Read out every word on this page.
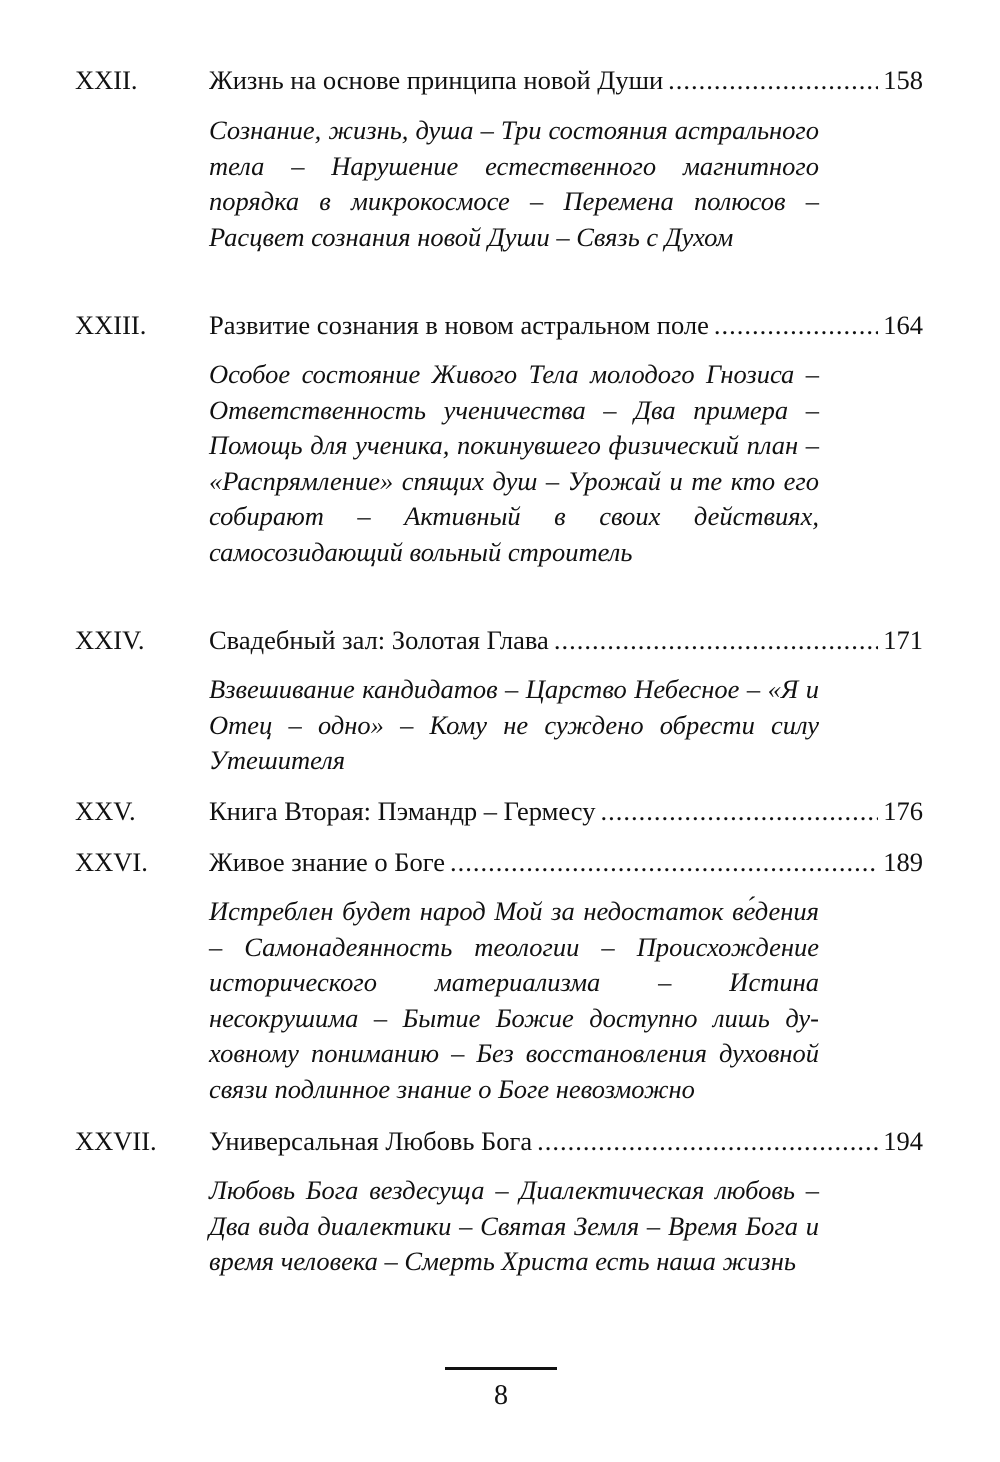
XXII.	Жизнь на основе принципа новой Души .....	158

Сознание, жизнь, душа – Три состояния астрального тела – Нарушение естественного магнитного порядка в микрокосмосе – Перемена полюсов – Расцвет сознания новой Души – Связь с Духом

XXIII. Развитие сознания в новом астральном поле .....	164

Особое состояние Живого Тела молодого Гнозиса – Ответственность ученичества – Два примера – Помощь для ученика, покинувшего физический план – «Распрямление» спящих душ – Урожай и те кто его собирают – Активный в своих действиях, самосозидающий вольный строитель

XXIV. Свадебный зал: Золотая Глава .....	171

Взвешивание кандидатов – Царство Небесное – «Я и Отец – одно» – Кому не суждено обрести силу Утешителя

XXV.	Книга Вторая: Пэмандр – Гермесу .....	176
XXVI. Живое знание о Боге .....	189

Истреблен будет народ Мой за недостаток ве́дения – Самонадеянность теологии – Происхождение исторического материализма – Истина несокрушима – Бытие Божие доступно лишь духовному пониманию – Без восстановления духовной связи подлинное знание о Боге невозможно

XXVII. Универсальная Любовь Бога .....	194

Любовь Бога вездесуща – Диалектическая любовь – Два вида диалектики – Святая Земля – Время Бога и время человека – Смерть Христа есть наша жизнь

8
